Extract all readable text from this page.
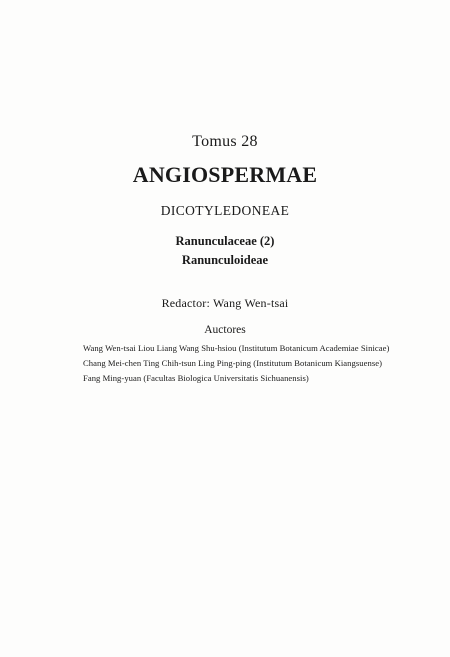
Tomus 28
ANGIOSPERMAE
DICOTYLEDONEAE
Ranunculaceae (2)
Ranunculoideae
Redactor: Wang Wen-tsai
Auctores
Wang Wen-tsai Liou Liang Wang Shu-hsiou (Institutum Botanicum Academiae Sinicae)
Chang Mei-chen Ting Chih-tsun Ling Ping-ping (Institutum Botanicum Kiangsuense)
Fang Ming-yuan (Facultas Biologica Universitatis Sichuanensis)
